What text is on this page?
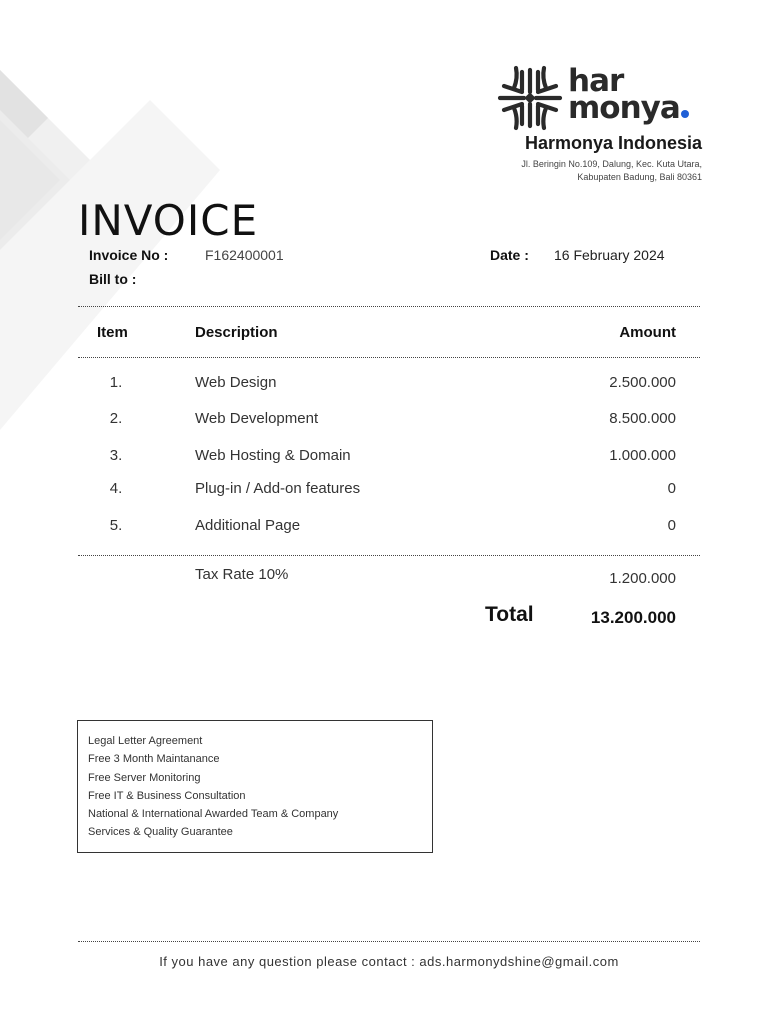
har
monya
Harmonya Indonesia
Jl. Beringin No.109, Dalung, Kec. Kuta Utara,
Kabupaten Badung, Bali 80361
INVOICE
Invoice No :	F162400001
Bill to :
Date : 16 February 2024
Item	Description	Amount
1.	Web Design	2.500.000
2.	Web Development	8.500.000
3.	Web Hosting & Domain	1.000.000
4.	Plug-in / Add-on features	0
5.	Additional Page	0
Tax Rate 10%	1.200.000
Total	13.200.000
Legal Letter Agreement
Free 3 Month Maintanance
Free Server Monitoring
Free IT & Business Consultation
National & International Awarded Team & Company
Services & Quality Guarantee
If you have any question please contact : ads.harmonydshine@gmail.com
